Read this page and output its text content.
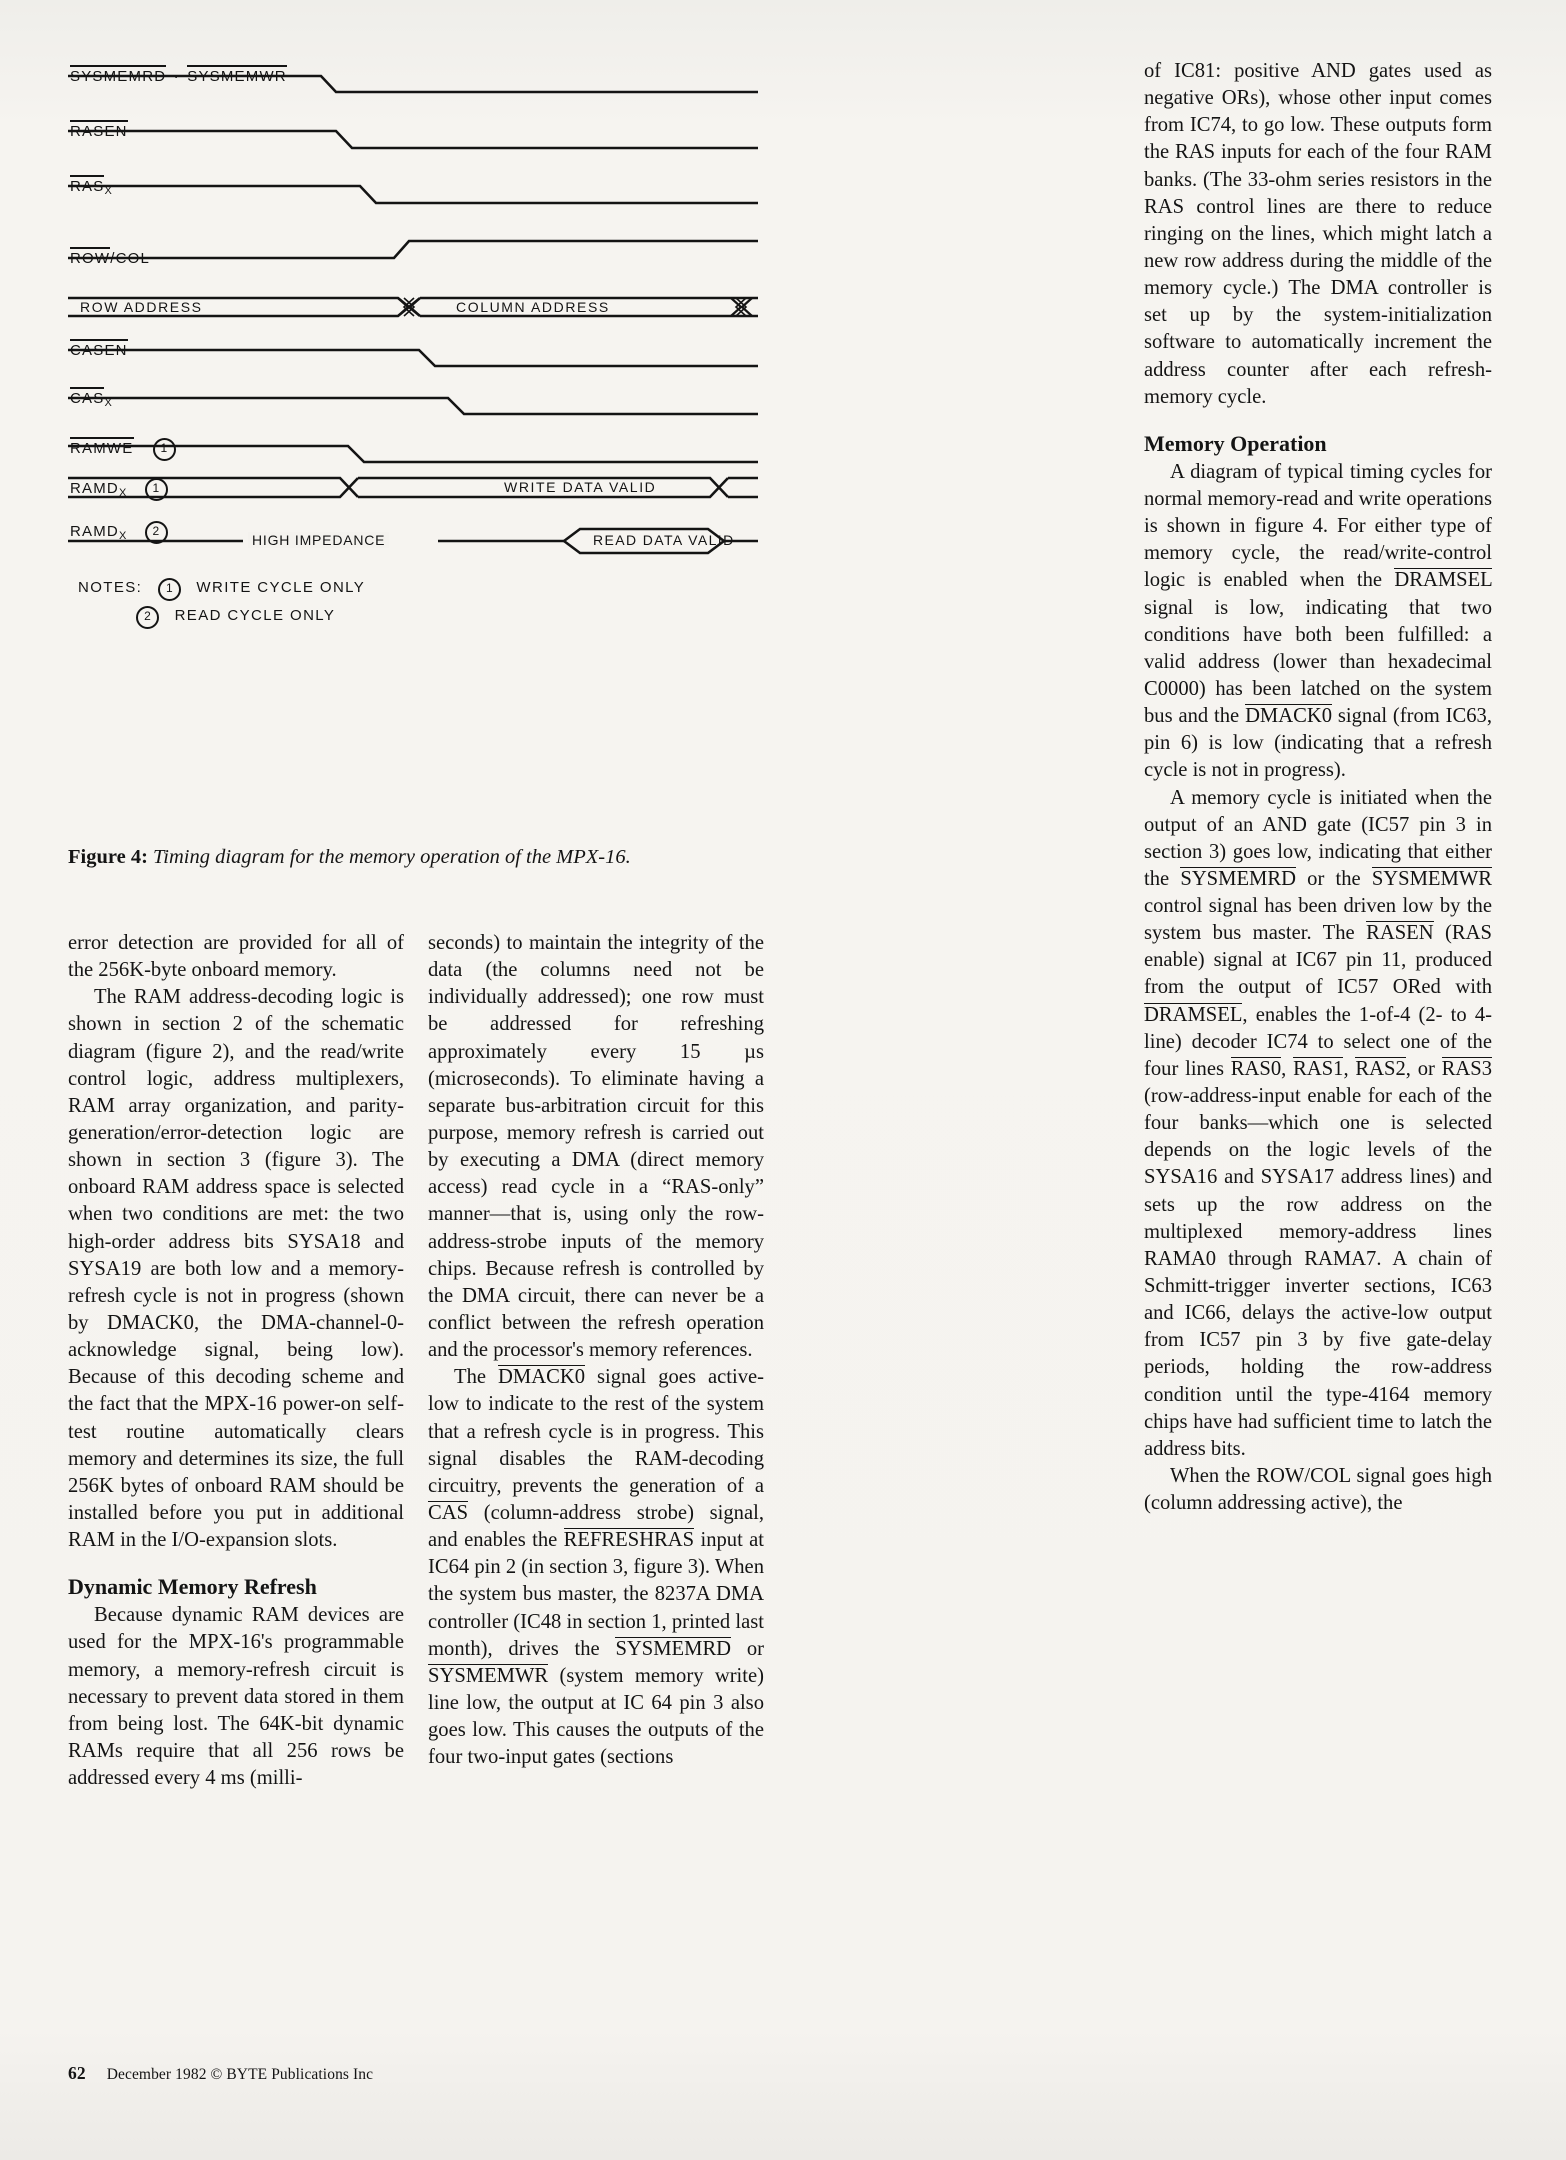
SYSMEMRD · SYSMEMWR
RASEN
$RAS_X$
ROW/COL
ROW ADDRESS	COLUMN ADDRESS
CASEN
$CAS_X$
RAMWE 1
$RAMD_X$ 1	WRITE DATA VALID
$RAMD_X$ 2
HIGH IMPEDANCE	READ DATA VALID
NOTES: 1 WRITE CYCLE ONLY
2 READ CYCLE ONLY
Figure 4: Timing diagram for the memory operation of the MPX-16.

error detection are provided for all of the 256K-byte onboard memory.

The RAM address-decoding logic is shown in section 2 of the schematic diagram (figure 2), and the read/write control logic, address multiplexers, RAM array organization, and parity-generation/error-detection logic are shown in section 3 (figure 3). The onboard RAM address space is selected when two conditions are met: the two high-order address bits SYSA18 and SYSA19 are both low and a memory-refresh cycle is not in progress (shown by DMACK0, the DMA-channel-0-acknowledge signal, being low). Because of this decoding scheme and the fact that the MPX-16 power-on self-test routine automatically clears memory and determines its size, the full 256K bytes of onboard RAM should be installed before you put in additional RAM in the I/O-expansion slots.

Dynamic Memory Refresh

Because dynamic RAM devices are used for the MPX-16's programmable memory, a memory-refresh circuit is necessary to prevent data stored in them from being lost. The 64K-bit dynamic RAMs require that all 256 rows be addressed every 4 ms (milli-

seconds) to maintain the integrity of the data (the columns need not be individually addressed); one row must be addressed for refreshing approximately every 15 µs (microseconds). To eliminate having a separate bus-arbitration circuit for this purpose, memory refresh is carried out by executing a DMA (direct memory access) read cycle in a “RAS-only” manner—that is, using only the row-address-strobe inputs of the memory chips. Because refresh is controlled by the DMA circuit, there can never be a conflict between the refresh operation and the processor's memory references.

The DMACK0 signal goes active-low to indicate to the rest of the system that a refresh cycle is in progress. This signal disables the RAM-decoding circuitry, prevents the generation of a CAS (column-address strobe) signal, and enables the REFRESHRAS input at IC64 pin 2 (in section 3, figure 3). When the system bus master, the 8237A DMA controller (IC48 in section 1, printed last month), drives the SYSMEMRD or SYSMEMWR (system memory write) line low, the output at IC 64 pin 3 also goes low. This causes the outputs of the four two-input gates (sections

of IC81: positive AND gates used as negative ORs), whose other input comes from IC74, to go low. These outputs form the RAS inputs for each of the four RAM banks. (The 33-ohm series resistors in the RAS control lines are there to reduce ringing on the lines, which might latch a new row address during the middle of the memory cycle.) The DMA controller is set up by the system-initialization software to automatically increment the address counter after each refresh-memory cycle.

Memory Operation

A diagram of typical timing cycles for normal memory-read and write operations is shown in figure 4. For either type of memory cycle, the read/write-control logic is enabled when the DRAMSEL signal is low, indicating that two conditions have both been fulfilled: a valid address (lower than hexadecimal C0000) has been latched on the system bus and the DMACK0 signal (from IC63, pin 6) is low (indicating that a refresh cycle is not in progress).

A memory cycle is initiated when the output of an AND gate (IC57 pin 3 in section 3) goes low, indicating that either the SYSMEMRD or the SYSMEMWR control signal has been driven low by the system bus master. The RASEN (RAS enable) signal at IC67 pin 11, produced from the output of IC57 ORed with DRAMSEL, enables the 1-of-4 (2- to 4-line) decoder IC74 to select one of the four lines RAS0, RAS1, RAS2, or RAS3 (row-address-input enable for each of the four banks—which one is selected depends on the logic levels of the SYSA16 and SYSA17 address lines) and sets up the row address on the multiplexed memory-address lines RAMA0 through RAMA7. A chain of Schmitt-trigger inverter sections, IC63 and IC66, delays the active-low output from IC57 pin 3 by five gate-delay periods, holding the row-address condition until the type-4164 memory chips have had sufficient time to latch the address bits.

When the ROW/COL signal goes high (column addressing active), the

62 December 1982 © BYTE Publications Inc
